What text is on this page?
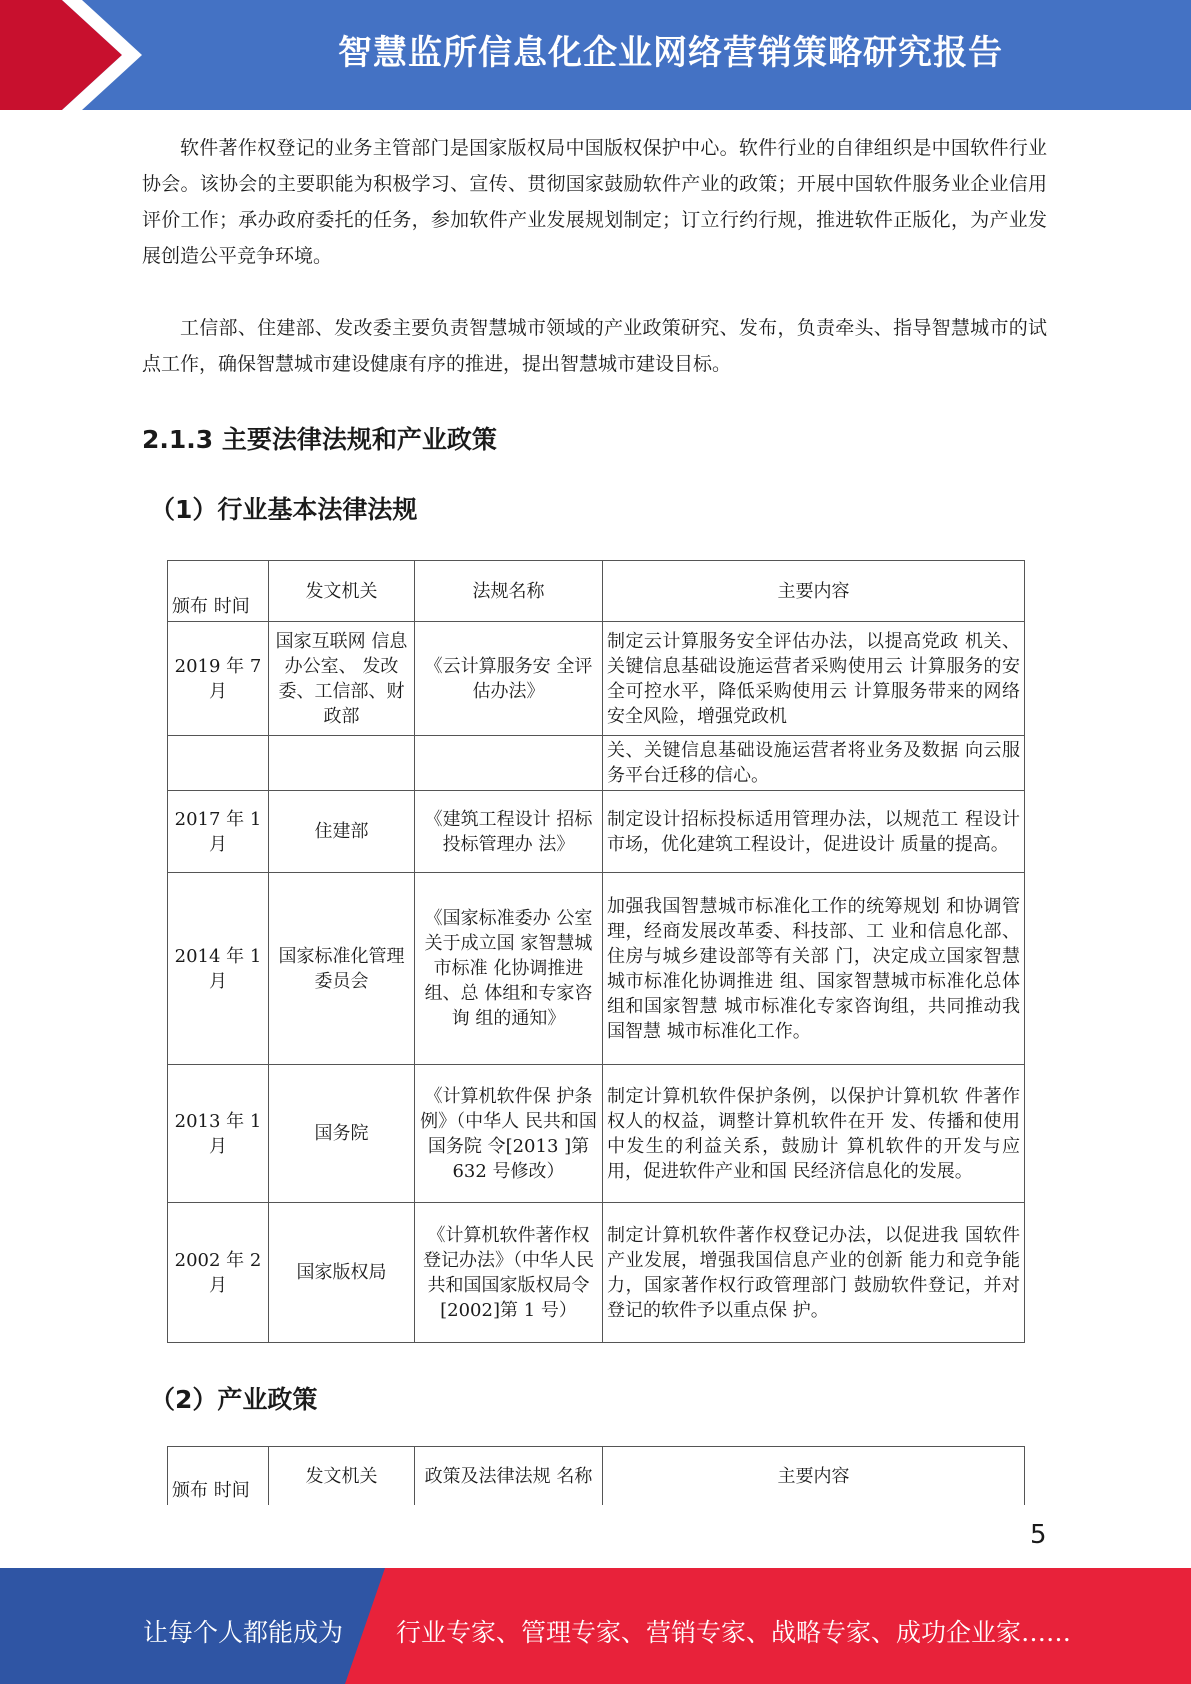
智慧监所信息化企业网络营销策略研究报告

软件著作权登记的业务主管部门是国家版权局中国版权保护中心。软件行业的自律组织是中国软件行业协会。该协会的主要职能为积极学习、宣传、贯彻国家鼓励软件产业的政策；开展中国软件服务业企业信用评价工作；承办政府委托的任务，参加软件产业发展规划制定；订立行约行规，推进软件正版化，为产业发展创造公平竞争环境。

工信部、住建部、发改委主要负责智慧城市领域的产业政策研究、发布，负责牵头、指导智慧城市的试点工作，确保智慧城市建设健康有序的推进，提出智慧城市建设目标。

2.1.3 主要法律法规和产业政策
（1）行业基本法律法规
颁布 时间	发文机关	法规名称	主要内容
2019 年 7月	国家互联网 信息办公室、 发改委、工信部、财政部	《云计算服务安 全评估办法》	制定云计算服务安全评估办法，以提高党政 机关、关键信息基础设施运营者采购使用云 计算服务的安全可控水平，降低采购使用云 计算服务带来的网络安全风险，增强党政机
			关、关键信息基础设施运营者将业务及数据 向云服务平台迁移的信心。
2017 年 1月	住建部	《建筑工程设计 招标投标管理办 法》	制定设计招标投标适用管理办法，以规范工 程设计市场，优化建筑工程设计，促进设计 质量的提高。
2014 年 1月	国家标准化管理委员会	《国家标准委办 公室关于成立国 家智慧城市标准 化协调推进组、总 体组和专家咨询 组的通知》	加强我国智慧城市标准化工作的统筹规划 和协调管理，经商发展改革委、科技部、工 业和信息化部、住房与城乡建设部等有关部 门，决定成立国家智慧城市标准化协调推进 组、国家智慧城市标准化总体组和国家智慧 城市标准化专家咨询组，共同推动我国智慧 城市标准化工作。
2013 年 1月	国务院	《计算机软件保 护条例》（中华人 民共和国国务院 令[2013 ]第 632 号修改）	制定计算机软件保护条例，以保护计算机软 件著作权人的权益，调整计算机软件在开 发、传播和使用中发生的利益关系，鼓励计 算机软件的开发与应用，促进软件产业和国 民经济信息化的发展。
2002 年 2月	国家版权局	《计算机软件著作权登记办法》（中华人民共和国国家版权局令[2002]第 1 号）	制定计算机软件著作权登记办法，以促进我 国软件产业发展，增强我国信息产业的创新 能力和竞争能力，国家著作权行政管理部门 鼓励软件登记，并对登记的软件予以重点保 护。
（2）产业政策
颁布 时间	发文机关	政策及法律法规 名称	主要内容
5
让每个人都能成为 行业专家、管理专家、营销专家、战略专家、成功企业家……
